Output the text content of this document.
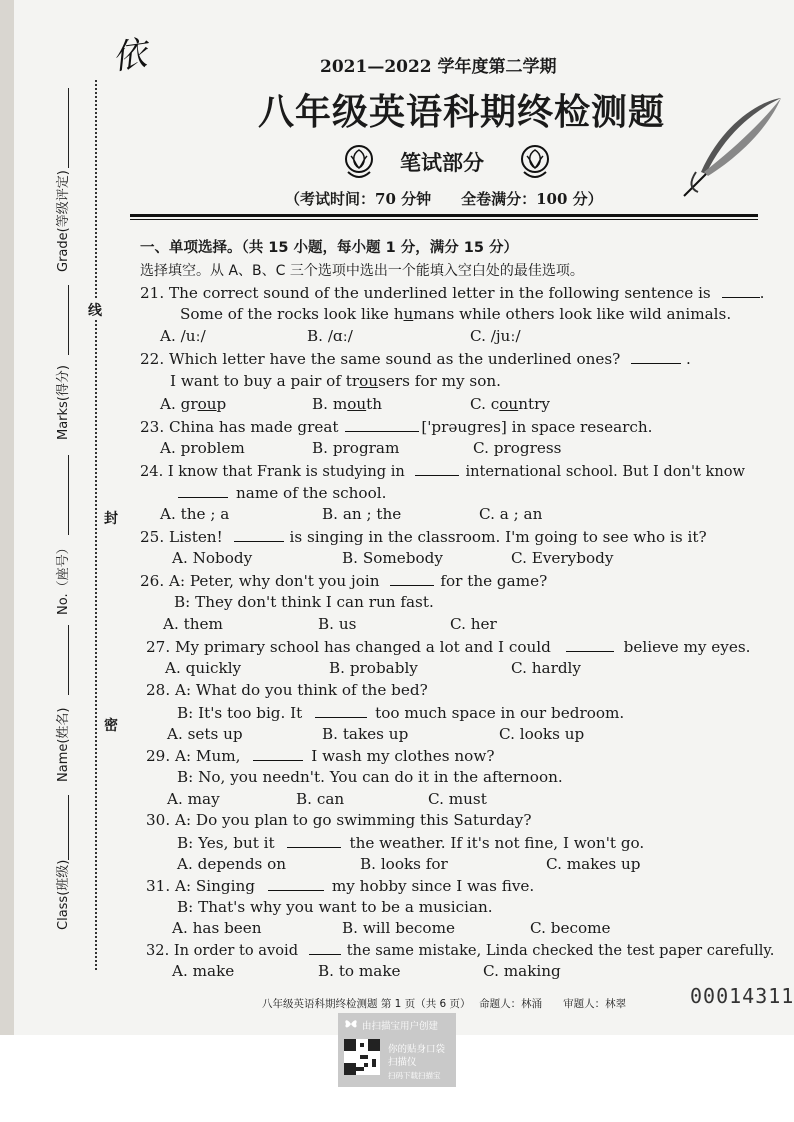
依
Grade(等级评定)
Marks(得分)
No.（座号）
Name(姓名)
Class(班级)
线
封
密
2021—2022 学年度第二学期
八年级英语科期终检测题
笔试部分
（考试时间：70 分钟　　全卷满分：100 分）
一、单项选择。（共 15 小题，每小题 1 分，满分 15 分）
选择填空。从 A、B、C 三个选项中选出一个能填入空白处的最佳选项。
21. The correct sound of the underlined letter in the following sentence is	.
Some of the rocks look like humans while others look like wild animals.
A. /uː/	B. /ɑː/	C. /juː/
22. Which letter have the same sound as the underlined ones?	.
I want to buy a pair of trousers for my son.
A. group	B. mouth	C. country
23. China has made great	['prəugres] in space research.
A. problem	B. program	C. progress
24. I know that Frank is studying in	international school. But I don't know
name of the school.
A. the ; a	B. an ; the	C. a ; an
25. Listen!	is singing in the classroom. I'm going to see who is it?
A. Nobody	B. Somebody	C. Everybody
26. A: Peter, why don't you join	for the game?
B: They don't think I can run fast.
A. them	B. us	C. her
27. My primary school has changed a lot and I could	believe my eyes.
A. quickly	B. probably	C. hardly
28. A: What do you think of the bed?
B: It's too big. It	too much space in our bedroom.
A. sets up	B. takes up	C. looks up
29. A: Mum,	I wash my clothes now?
B: No, you needn't. You can do it in the afternoon.
A. may	B. can	C. must
30. A: Do you plan to go swimming this Saturday?
B: Yes, but it	the weather. If it's not fine, I won't go.
A. depends on	B. looks for	C. makes up
31. A: Singing	my hobby since I was five.
B: That's why you want to be a musician.
A. has been	B. will become	C. become
32. In order to avoid	the same mistake, Linda checked the test paper carefully.
A. make	B. to make	C. making
八年级英语科期终检测题 第 1 页（共 6 页）　 命题人：林涌　　审题人：林翠	00014311
由扫描宝用户创建
你的贴身口袋
扫描仪
扫码下载扫描宝
